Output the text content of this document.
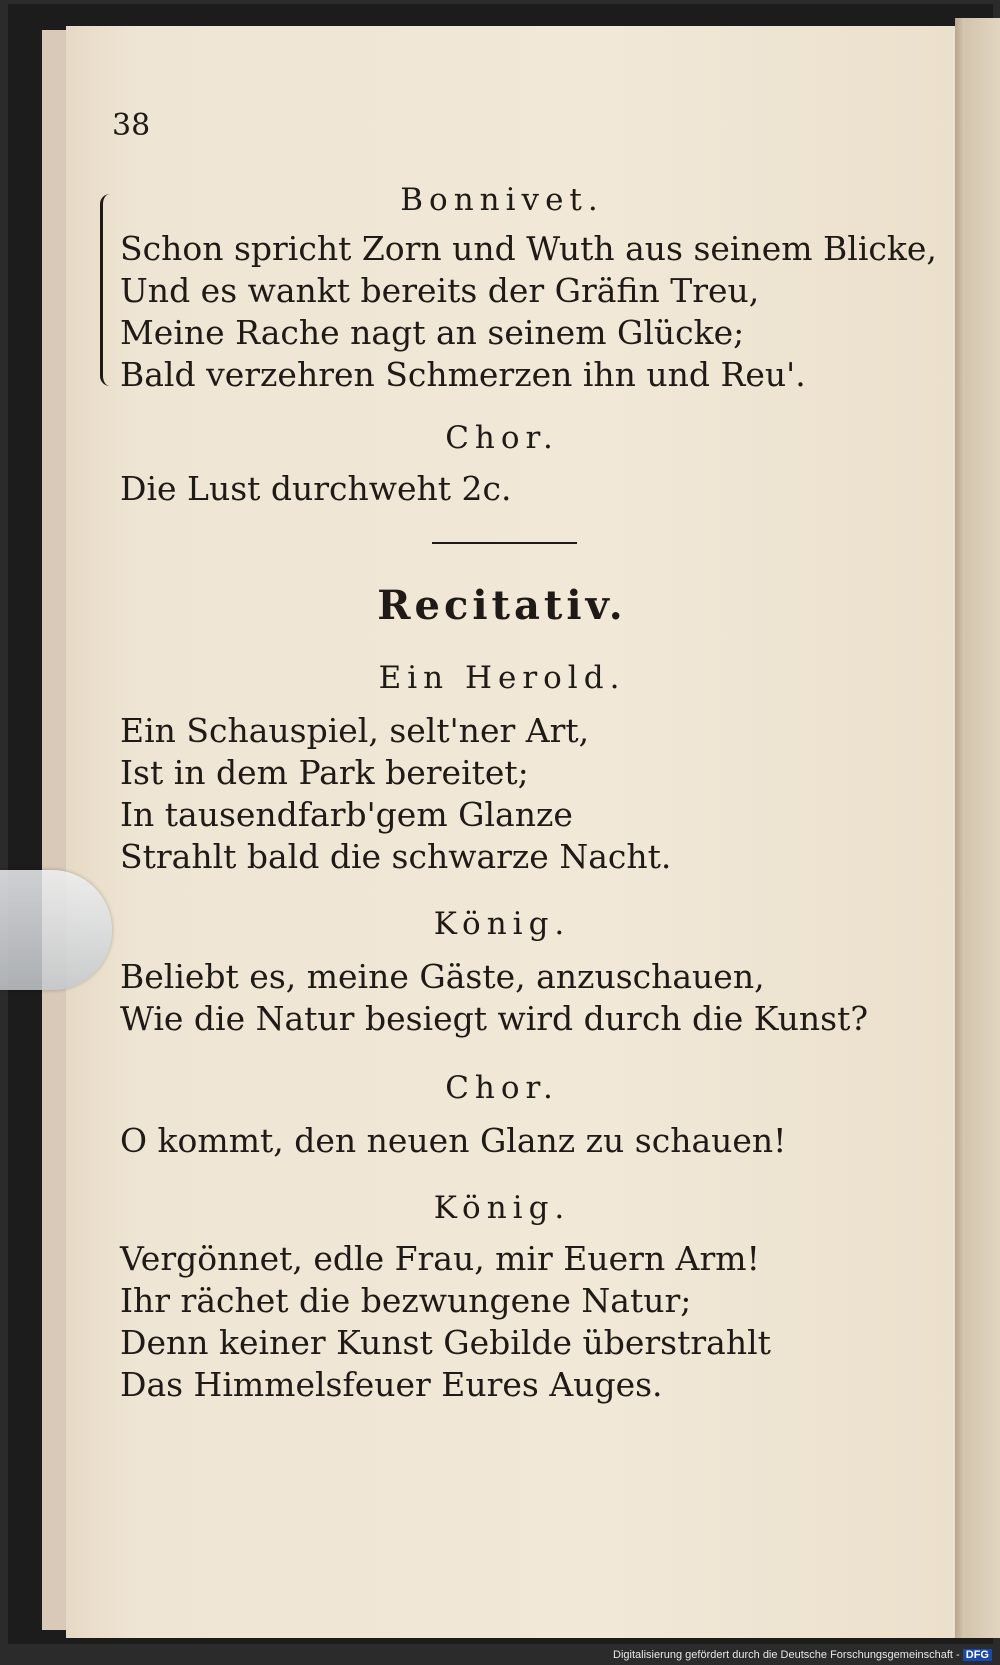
38
Bonnivet.
Schon spricht Zorn und Wuth aus seinem Blicke,
Und es wankt bereits der Gräfin Treu,
Meine Rache nagt an seinem Glücke;
Bald verzehren Schmerzen ihn und Reu'.
Chor.
Die Lust durchweht 2c.
Recitativ.
Ein Herold.
Ein Schauspiel, selt'ner Art,
Ist in dem Park bereitet;
In tausendfarb'gem Glanze
Strahlt bald die schwarze Nacht.
König.
Beliebt es, meine Gäste, anzuschauen,
Wie die Natur besiegt wird durch die Kunst?
Chor.
O kommt, den neuen Glanz zu schauen!
König.
Vergönnet, edle Frau, mir Euern Arm!
Ihr rächet die bezwungene Natur;
Denn keiner Kunst Gebilde überstrahlt
Das Himmelsfeuer Eures Auges.
Digitalisierung gefördert durch die Deutsche Forschungsgemeinschaft - DFG
